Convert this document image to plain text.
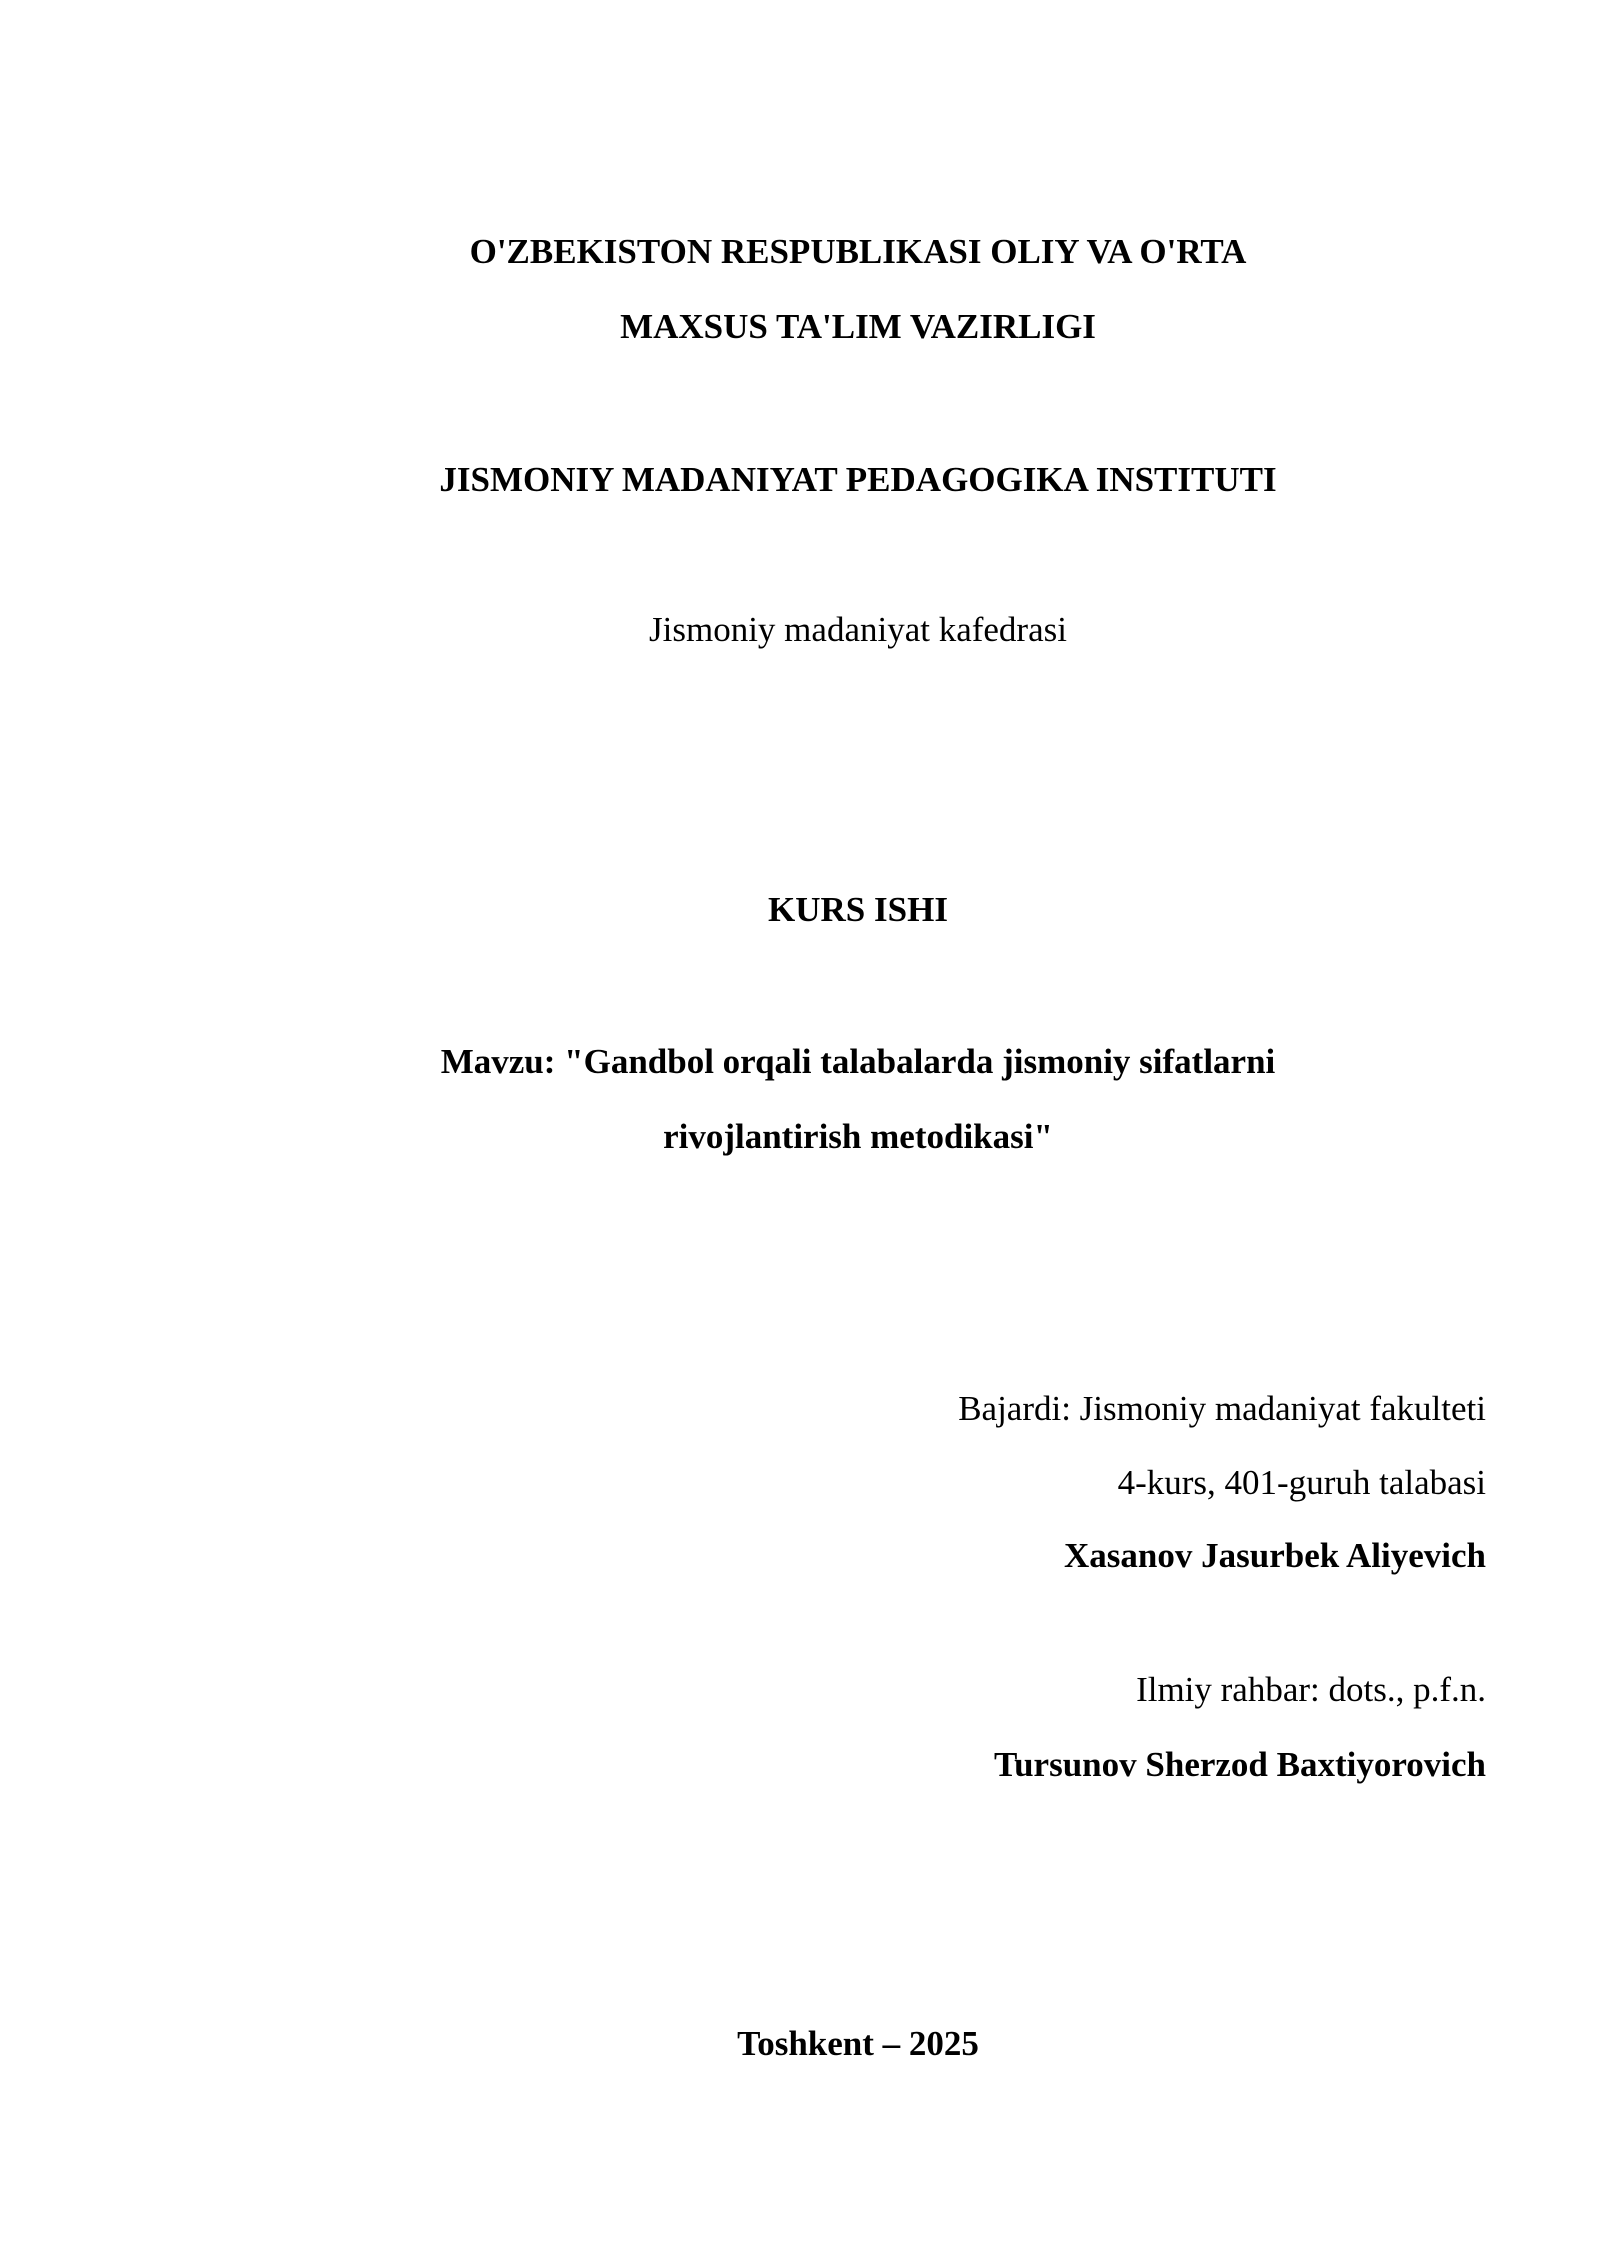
O'ZBEKISTON RESPUBLIKASI OLIY VA O'RTA
MAXSUS TA'LIM VAZIRLIGI
JISMONIY MADANIYAT PEDAGOGIKA INSTITUTI
Jismoniy madaniyat kafedrasi
KURS ISHI
Mavzu: "Gandbol orqali talabalarda jismoniy sifatlarni
rivojlantirish metodikasi"
Bajardi: Jismoniy madaniyat fakulteti
4-kurs, 401-guruh talabasi
Xasanov Jasurbek Aliyevich
Ilmiy rahbar: dots., p.f.n.
Tursunov Sherzod Baxtiyorovich
Toshkent – 2025
